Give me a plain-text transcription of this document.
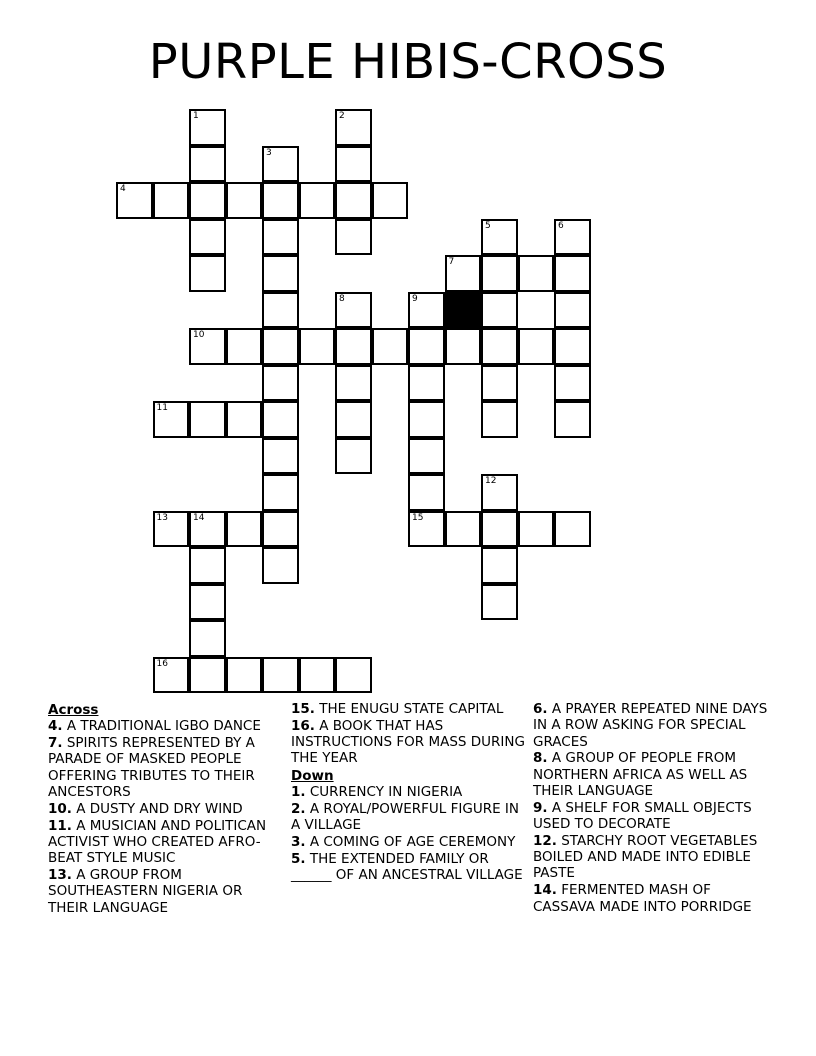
PURPLE HIBIS-CROSS
1	2
3
4
5	6
7
8	9
10
11
12
13	14	15
16
Across
4. A TRADITIONAL IGBO DANCE
7. SPIRITS REPRESENTED BY A PARADE OF MASKED PEOPLE OFFERING TRIBUTES TO THEIR ANCESTORS
10. A DUSTY AND DRY WIND
11. A MUSICIAN AND POLITICAN ACTIVIST WHO CREATED AFRO-BEAT STYLE MUSIC
13. A GROUP FROM SOUTHEASTERN NIGERIA OR THEIR LANGUAGE
15. THE ENUGU STATE CAPITAL
16. A BOOK THAT HAS INSTRUCTIONS FOR MASS DURING THE YEAR
Down
1. CURRENCY IN NIGERIA
2. A ROYAL/POWERFUL FIGURE IN A VILLAGE
3. A COMING OF AGE CEREMONY
5. THE EXTENDED FAMILY OR ______ OF AN ANCESTRAL VILLAGE
6. A PRAYER REPEATED NINE DAYS IN A ROW ASKING FOR SPECIAL GRACES
8. A GROUP OF PEOPLE FROM NORTHERN AFRICA AS WELL AS THEIR LANGUAGE
9. A SHELF FOR SMALL OBJECTS USED TO DECORATE
12. STARCHY ROOT VEGETABLES BOILED AND MADE INTO EDIBLE PASTE
14. FERMENTED MASH OF CASSAVA MADE INTO PORRIDGE
